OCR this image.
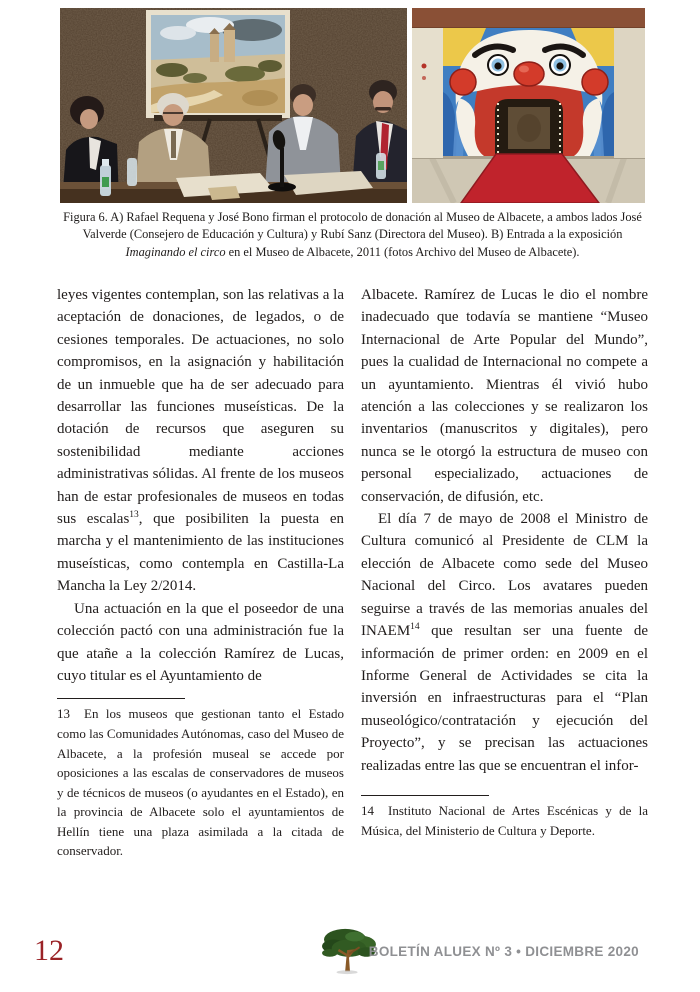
Figura 6. A) Rafael Requena y José Bono firman el protocolo de donación al Museo de Albacete, a ambos lados José Valverde (Consejero de Educación y Cultura) y Rubí Sanz (Directora del Museo). B) Entrada a la exposición Imaginando el circo en el Museo de Albacete, 2011 (fotos Archivo del Museo de Albacete).

leyes vigentes contemplan, son las relativas a la aceptación de donaciones, de legados, o de cesiones temporales. De actuaciones, no solo compromisos, en la asignación y habilitación de un inmueble que ha de ser adecuado para desarrollar las funciones museísticas. De la dotación de recursos que aseguren su sostenibilidad mediante acciones administrativas sólidas. Al frente de los museos han de estar profesionales de museos en todas sus escalas$^{13}$, que posibiliten la puesta en marcha y el mantenimiento de las instituciones museísticas, como contempla en Castilla-La Mancha la Ley 2/2014.

Una actuación en la que el poseedor de una colección pactó con una administración fue la que atañe a la colección Ramírez de Lucas, cuyo titular es el Ayuntamiento de

13 En los museos que gestionan tanto el Estado como las Comunidades Autónomas, caso del Museo de Albacete, a la profesión museal se accede por oposiciones a las escalas de conservadores de museos y de técnicos de museos (o ayudantes en el Estado), en la provincia de Albacete solo el ayuntamientos de Hellín tiene una plaza asimilada a la citada de conservador.

Albacete. Ramírez de Lucas le dio el nombre inadecuado que todavía se mantiene “Museo Internacional de Arte Popular del Mundo”, pues la cualidad de Internacional no compete a un ayuntamiento. Mientras él vivió hubo atención a las colecciones y se realizaron los inventarios (manuscritos y digitales), pero nunca se le otorgó la estructura de museo con personal especializado, actuaciones de conservación, de difusión, etc.

El día 7 de mayo de 2008 el Ministro de Cultura comunicó al Presidente de CLM la elección de Albacete como sede del Museo Nacional del Circo. Los avatares pueden seguirse a través de las memorias anuales del INAEM$^{14}$ que resultan ser una fuente de información de primer orden: en 2009 en el Informe General de Actividades se cita la inversión en infraestructuras para el “Plan museológico/contratación y ejecución del Proyecto”, y se precisan las actuaciones realizadas entre las que se encuentran el infor-

14 Instituto Nacional de Artes Escénicas y de la Música, del Ministerio de Cultura y Deporte.

12	BOLETÍN ALUEX Nº 3 • DICIEMBRE 2020
